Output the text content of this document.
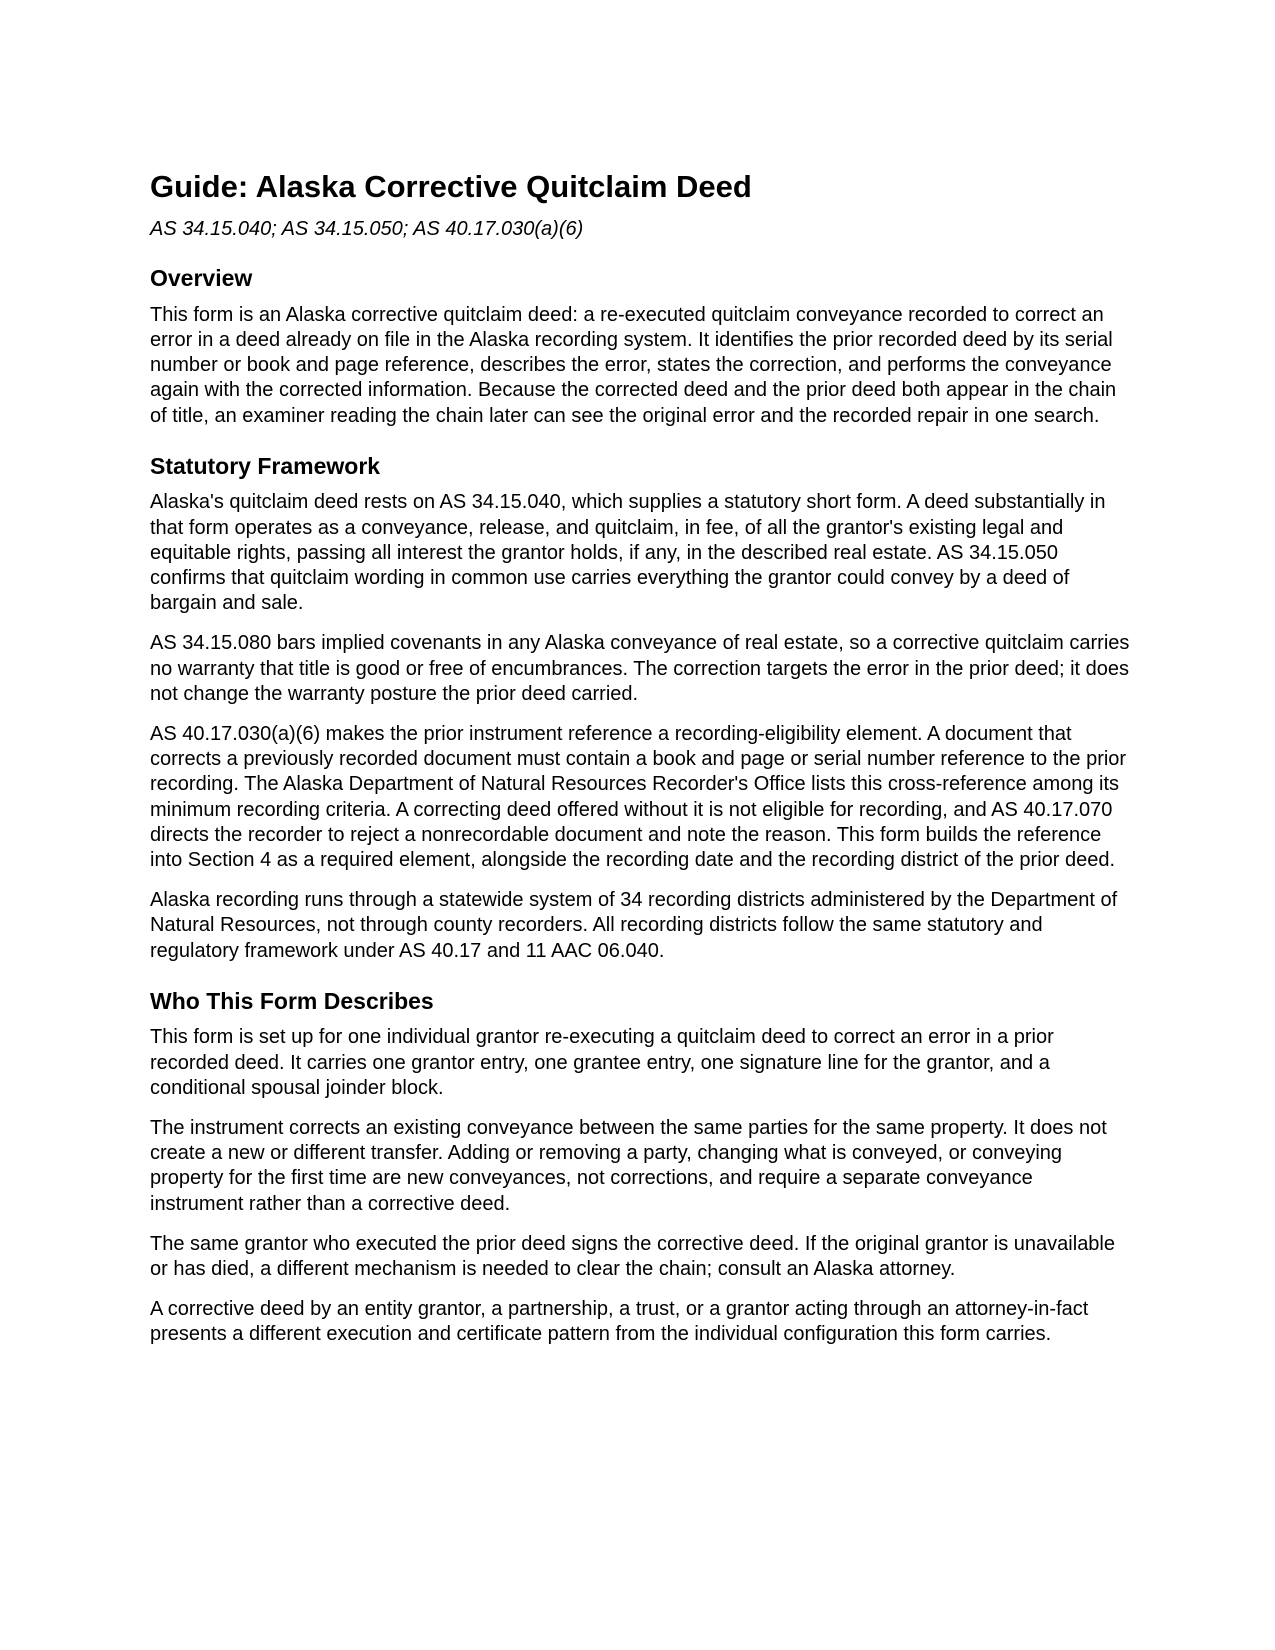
Guide: Alaska Corrective Quitclaim Deed

AS 34.15.040; AS 34.15.050; AS 40.17.030(a)(6)

Overview

This form is an Alaska corrective quitclaim deed: a re-executed quitclaim conveyance recorded to correct an error in a deed already on file in the Alaska recording system. It identifies the prior recorded deed by its serial number or book and page reference, describes the error, states the correction, and performs the conveyance again with the corrected information. Because the corrected deed and the prior deed both appear in the chain of title, an examiner reading the chain later can see the original error and the recorded repair in one search.

Statutory Framework

Alaska's quitclaim deed rests on AS 34.15.040, which supplies a statutory short form. A deed substantially in that form operates as a conveyance, release, and quitclaim, in fee, of all the grantor's existing legal and equitable rights, passing all interest the grantor holds, if any, in the described real estate. AS 34.15.050 confirms that quitclaim wording in common use carries everything the grantor could convey by a deed of bargain and sale.

AS 34.15.080 bars implied covenants in any Alaska conveyance of real estate, so a corrective quitclaim carries no warranty that title is good or free of encumbrances. The correction targets the error in the prior deed; it does not change the warranty posture the prior deed carried.

AS 40.17.030(a)(6) makes the prior instrument reference a recording-eligibility element. A document that corrects a previously recorded document must contain a book and page or serial number reference to the prior recording. The Alaska Department of Natural Resources Recorder's Office lists this cross-reference among its minimum recording criteria. A correcting deed offered without it is not eligible for recording, and AS 40.17.070 directs the recorder to reject a nonrecordable document and note the reason. This form builds the reference into Section 4 as a required element, alongside the recording date and the recording district of the prior deed.

Alaska recording runs through a statewide system of 34 recording districts administered by the Department of Natural Resources, not through county recorders. All recording districts follow the same statutory and regulatory framework under AS 40.17 and 11 AAC 06.040.

Who This Form Describes

This form is set up for one individual grantor re-executing a quitclaim deed to correct an error in a prior recorded deed. It carries one grantor entry, one grantee entry, one signature line for the grantor, and a conditional spousal joinder block.

The instrument corrects an existing conveyance between the same parties for the same property. It does not create a new or different transfer. Adding or removing a party, changing what is conveyed, or conveying property for the first time are new conveyances, not corrections, and require a separate conveyance instrument rather than a corrective deed.

The same grantor who executed the prior deed signs the corrective deed. If the original grantor is unavailable or has died, a different mechanism is needed to clear the chain; consult an Alaska attorney.

A corrective deed by an entity grantor, a partnership, a trust, or a grantor acting through an attorney-in-fact presents a different execution and certificate pattern from the individual configuration this form carries.
